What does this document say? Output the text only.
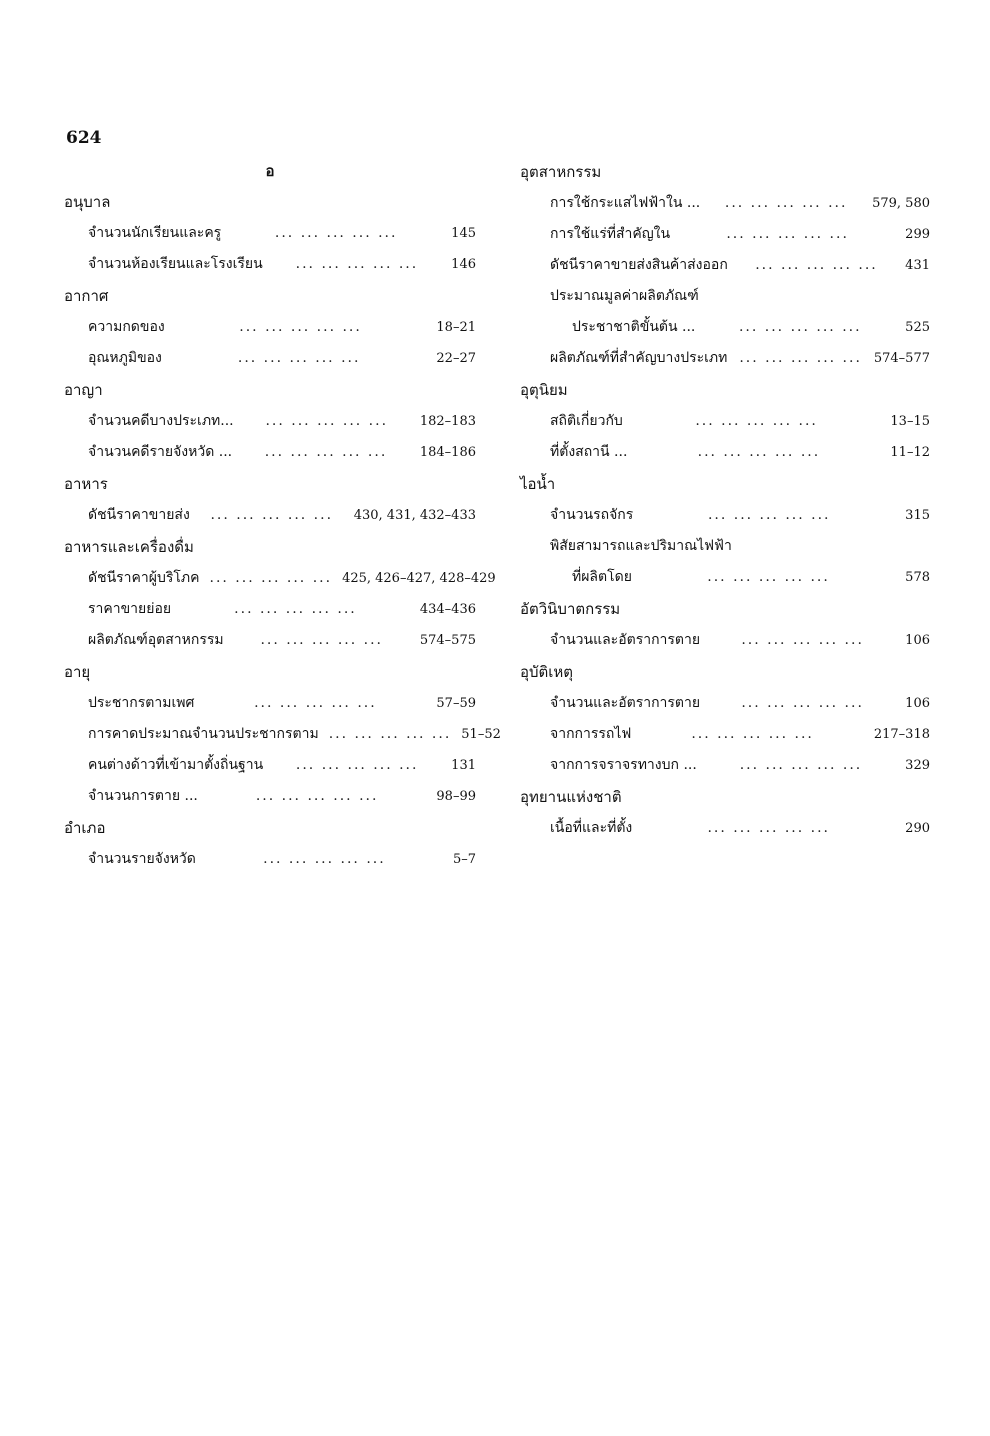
624
อ
อนุบาล
จำนวนนักเรียนและครู	... ... ... ... ...	145
จำนวนห้องเรียนและโรงเรียน	... ... ... ... ...	146
อากาศ
ความกดของ	... ... ... ... ...	18–21
อุณหภูมิของ	... ... ... ... ...	22–27
อาญา
จำนวนคดีบางประเภท...	... ... ... ... ...	182–183
จำนวนคดีรายจังหวัด ...	... ... ... ... ...	184–186
อาหาร
ดัชนีราคาขายส่ง	... ... ... ... ...	430, 431, 432–433
อาหารและเครื่องดื่ม
ดัชนีราคาผู้บริโภค ... ... ... ... ... 425, 426–427, 428–429
ราคาขายย่อย	... ... ... ... ...	434–436
ผลิตภัณฑ์อุตสาหกรรม	... ... ... ... ...	574–575
อายุ
ประชากรตามเพศ	... ... ... ... ...	57–59
การคาดประมาณจำนวนประชากรตาม ... ... ... ... ... 51–52
คนต่างด้าวที่เข้ามาตั้งถิ่นฐาน	... ... ... ... ...	131
จำนวนการตาย ...	... ... ... ... ...	98–99
อำเภอ
จำนวนรายจังหวัด	... ... ... ... ...	5–7
อุตสาหกรรม
การใช้กระแสไฟฟ้าใน ...	... ... ... ... ...	579, 580
การใช้แร่ที่สำคัญใน	... ... ... ... ...	299
ดัชนีราคาขายส่งสินค้าส่งออก	... ... ... ... ...	431
ประมาณมูลค่าผลิตภัณฑ์
ประชาชาติขั้นต้น ...	... ... ... ... ...	525
ผลิตภัณฑ์ที่สำคัญบางประเภท ... ... ... ... ... 574–577
อุตุนิยม
สถิติเกี่ยวกับ	... ... ... ... ...	13–15
ที่ตั้งสถานี ...	... ... ... ... ...	11–12
ไอน้ำ
จำนวนรถจักร	... ... ... ... ...	315
พิสัยสามารถและปริมาณไฟฟ้า
ที่ผลิตโดย	... ... ... ... ...	578
อัตวินิบาตกรรม
จำนวนและอัตราการตาย	... ... ... ... ...	106
อุบัติเหตุ
จำนวนและอัตราการตาย	... ... ... ... ...	106
จากการรถไฟ	... ... ... ... ...	217–318
จากการจราจรทางบก ...	... ... ... ... ...	329
อุทยานแห่งชาติ
เนื้อที่และที่ตั้ง	... ... ... ... ...	290
